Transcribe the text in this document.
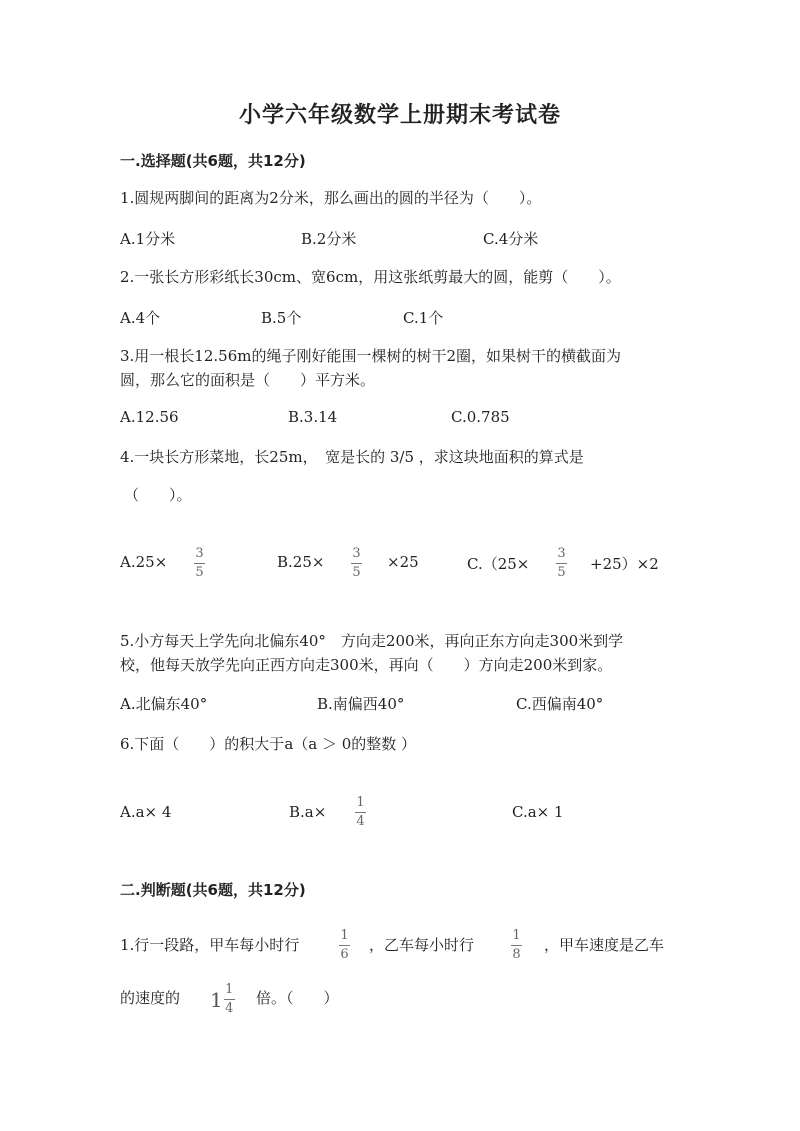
小学六年级数学上册期末考试卷
一.选择题(共6题，共12分)
1.圆规两脚间的距离为2分米，那么画出的圆的半径为（　　）。
A.1分米	B.2分米	C.4分米
2.一张长方形彩纸长30cm、宽6cm，用这张纸剪最大的圆，能剪（　　）。
A.4个	B.5个	C.1个
3.用一根长12.56m的绳子刚好能围一棵树的树干2圈，如果树干的横截面为
圆，那么它的面积是（　　）平方米。
A.12.56	B.3.14	C.0.785
4.一块长方形菜地，长25m，　宽是长的 3/5 ，求这块地面积的算式是
（　　）。
A.25× 3
5
B.25× 3
5
×25	C.（25×
3
5 +25）×2
5.小方每天上学先向北偏东40°　方向走200米，再向正东方向走300米到学
校，他每天放学先向正西方向走300米，再向（　　）方向走200米到家。
A.北偏东40°	B.南偏西40°	C.西偏南40°
6.下面（　　）的积大于a（a ＞ 0的整数 ）
A.a× 4	B.a×
1
4
C.a× 1
二.判断题(共6题，共12分)
1.行一段路，甲车每小时行
1
6
，乙车每小时行
1
8
，甲车速度是乙车
的速度的 $1 \frac{1}{4}$ 倍。（　　）
